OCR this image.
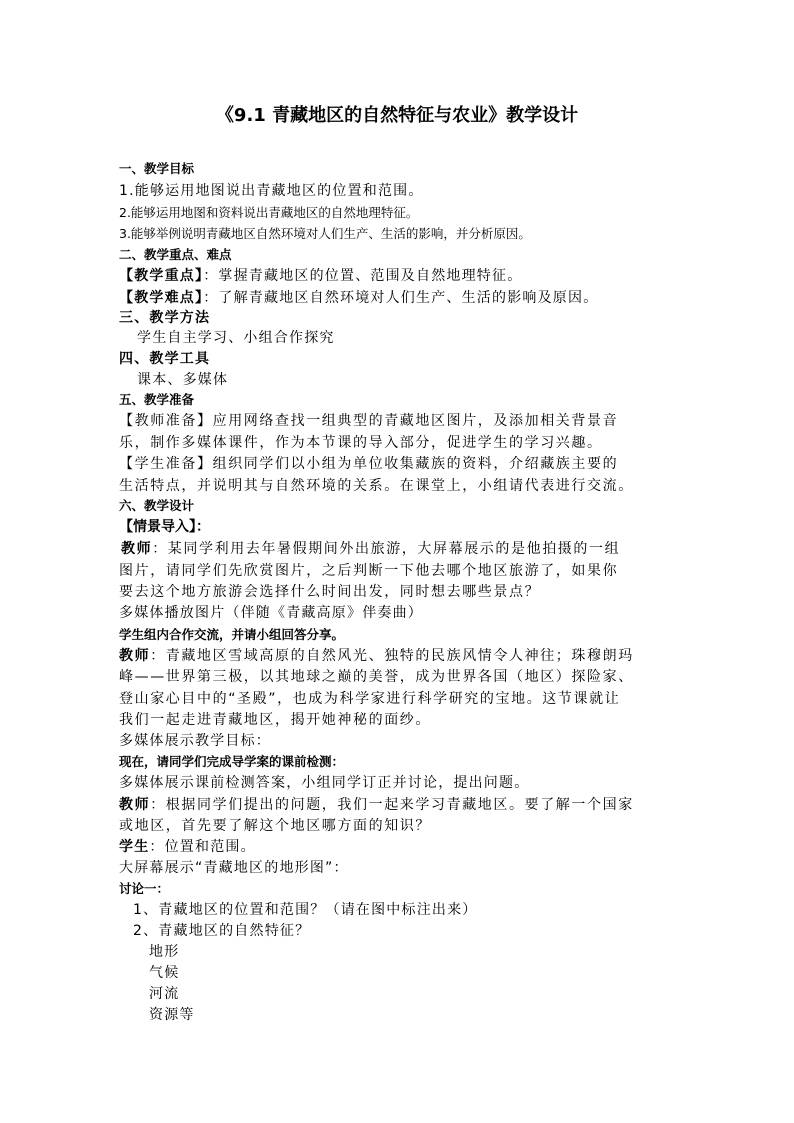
《9.1 青藏地区的自然特征与农业》教学设计
一、教学目标
1.能够运用地图说出青藏地区的位置和范围。
2.能够运用地图和资料说出青藏地区的自然地理特征。
3.能够举例说明青藏地区自然环境对人们生产、生活的影响，并分析原因。
二、教学重点、难点
【教学重点】：掌握青藏地区的位置、范围及自然地理特征。
【教学难点】：了解青藏地区自然环境对人们生产、生活的影响及原因。
三、教学方法
学生自主学习、小组合作探究
四、教学工具
课本、多媒体
五、教学准备
【教师准备】应用网络查找一组典型的青藏地区图片，及添加相关背景音
乐，制作多媒体课件，作为本节课的导入部分，促进学生的学习兴趣。
【学生准备】组织同学们以小组为单位收集藏族的资料，介绍藏族主要的
生活特点，并说明其与自然环境的关系。在课堂上，小组请代表进行交流。
六、教学设计
【情景导入】：
教师：某同学利用去年暑假期间外出旅游，大屏幕展示的是他拍摄的一组
图片，请同学们先欣赏图片，之后判断一下他去哪个地区旅游了，如果你
要去这个地方旅游会选择什么时间出发，同时想去哪些景点？
多媒体播放图片（伴随《青藏高原》伴奏曲）
学生组内合作交流，并请小组回答分享。
教师：青藏地区雪域高原的自然风光、独特的民族风情令人神往；珠穆朗玛
峰——世界第三极，以其地球之巅的美誉，成为世界各国（地区）探险家、
登山家心目中的“圣殿”，也成为科学家进行科学研究的宝地。这节课就让
我们一起走进青藏地区，揭开她神秘的面纱。
多媒体展示教学目标：
现在，请同学们完成导学案的课前检测：
多媒体展示课前检测答案，小组同学订正并讨论，提出问题。
教师：根据同学们提出的问题，我们一起来学习青藏地区。要了解一个国家
或地区，首先要了解这个地区哪方面的知识？
学生：位置和范围。
大屏幕展示“青藏地区的地形图”：
讨论一：
1、青藏地区的位置和范围？（请在图中标注出来）
2、青藏地区的自然特征？
地形
气候
河流
资源等
